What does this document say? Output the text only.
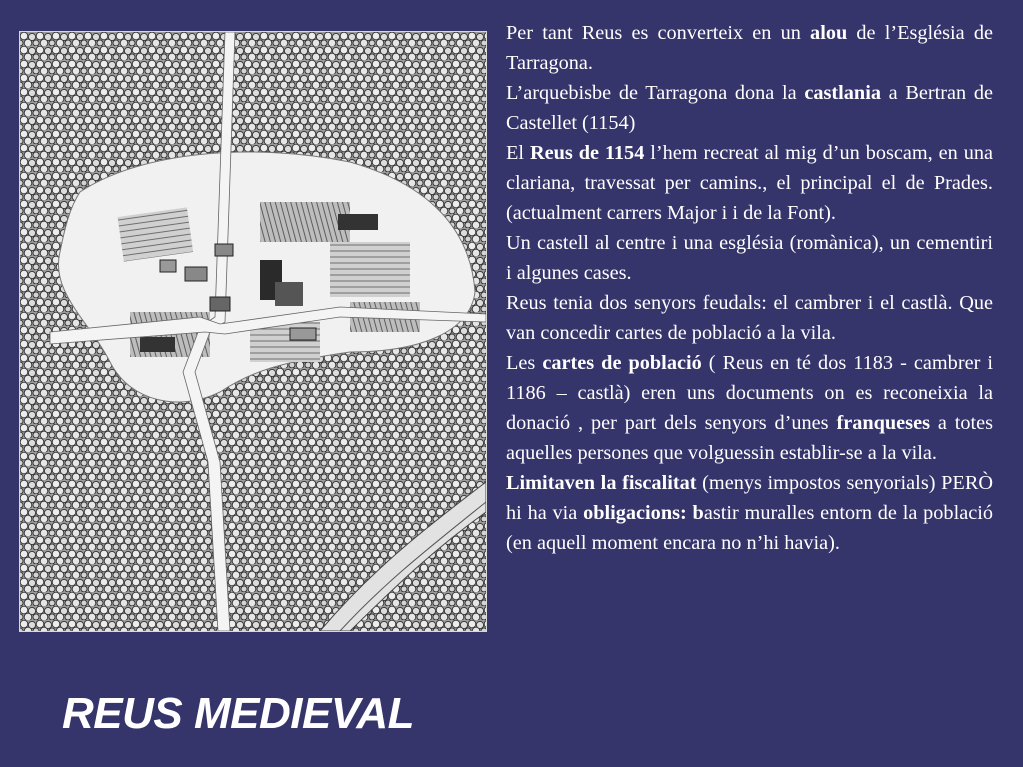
REUS MEDIEVAL

Per tant Reus es converteix en un alou de l’Església de Tarragona.

L’arquebisbe de Tarragona dona la castlania a Bertran de Castellet (1154)

El Reus de 1154 l’hem recreat al mig d’un boscam, en una clariana, travessat per camins., el principal el de Prades. (actualment carrers Major i i de la Font).

Un castell al centre i una església (romànica), un cementiri i algunes cases.

Reus tenia dos senyors feudals: el cambrer i el castlà. Que van concedir cartes de població a la vila.

Les cartes de població ( Reus en té dos 1183 - cambrer i 1186 – castlà) eren uns documents on es reconeixia la donació , per part dels senyors d’unes franqueses a totes aquelles persones que volguessin establir-se a la vila.

Limitaven la fiscalitat (menys impostos senyorials) PERÒ hi ha via obligacions: bastir muralles entorn de la població (en aquell moment encara no n’hi havia).
